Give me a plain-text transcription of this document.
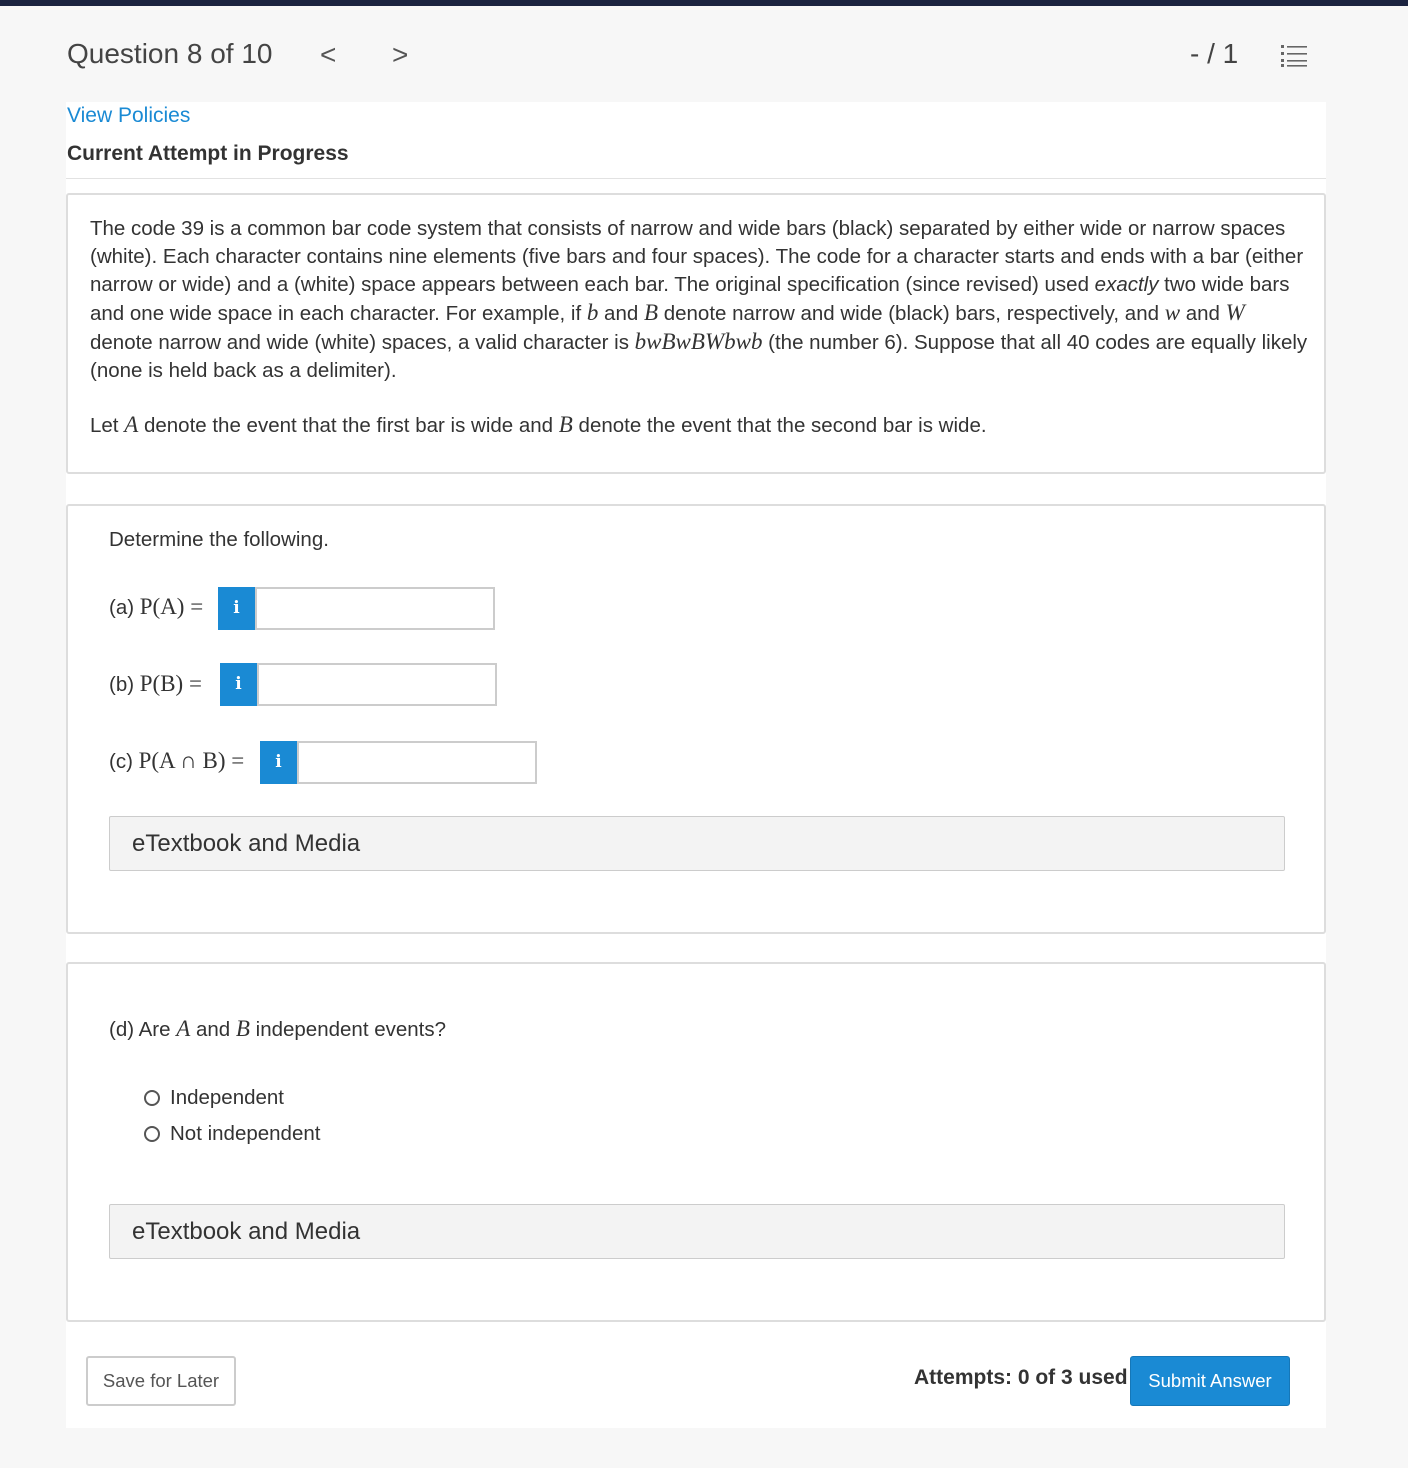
Question 8 of 10 < >	- / 1
View Policies
Current Attempt in Progress
The code 39 is a common bar code system that consists of narrow and wide bars (black) separated by either wide or narrow spaces (white). Each character contains nine elements (five bars and four spaces). The code for a character starts and ends with a bar (either narrow or wide) and a (white) space appears between each bar. The original specification (since revised) used exactly two wide bars and one wide space in each character. For example, if b and B denote narrow and wide (black) bars, respectively, and w and W denote narrow and wide (white) spaces, a valid character is bwBwBWbwb (the number 6). Suppose that all 40 codes are equally likely (none is held back as a delimiter).
Let A denote the event that the first bar is wide and B denote the event that the second bar is wide.
Determine the following.
(a) P(A) =	i
(b) P(B) =	i
(c) P(A ∩ B) =	i
eTextbook and Media
(d) Are A and B independent events?
Independent
Not independent
eTextbook and Media
Save for Later	Attempts: 0 of 3 used	Submit Answer
